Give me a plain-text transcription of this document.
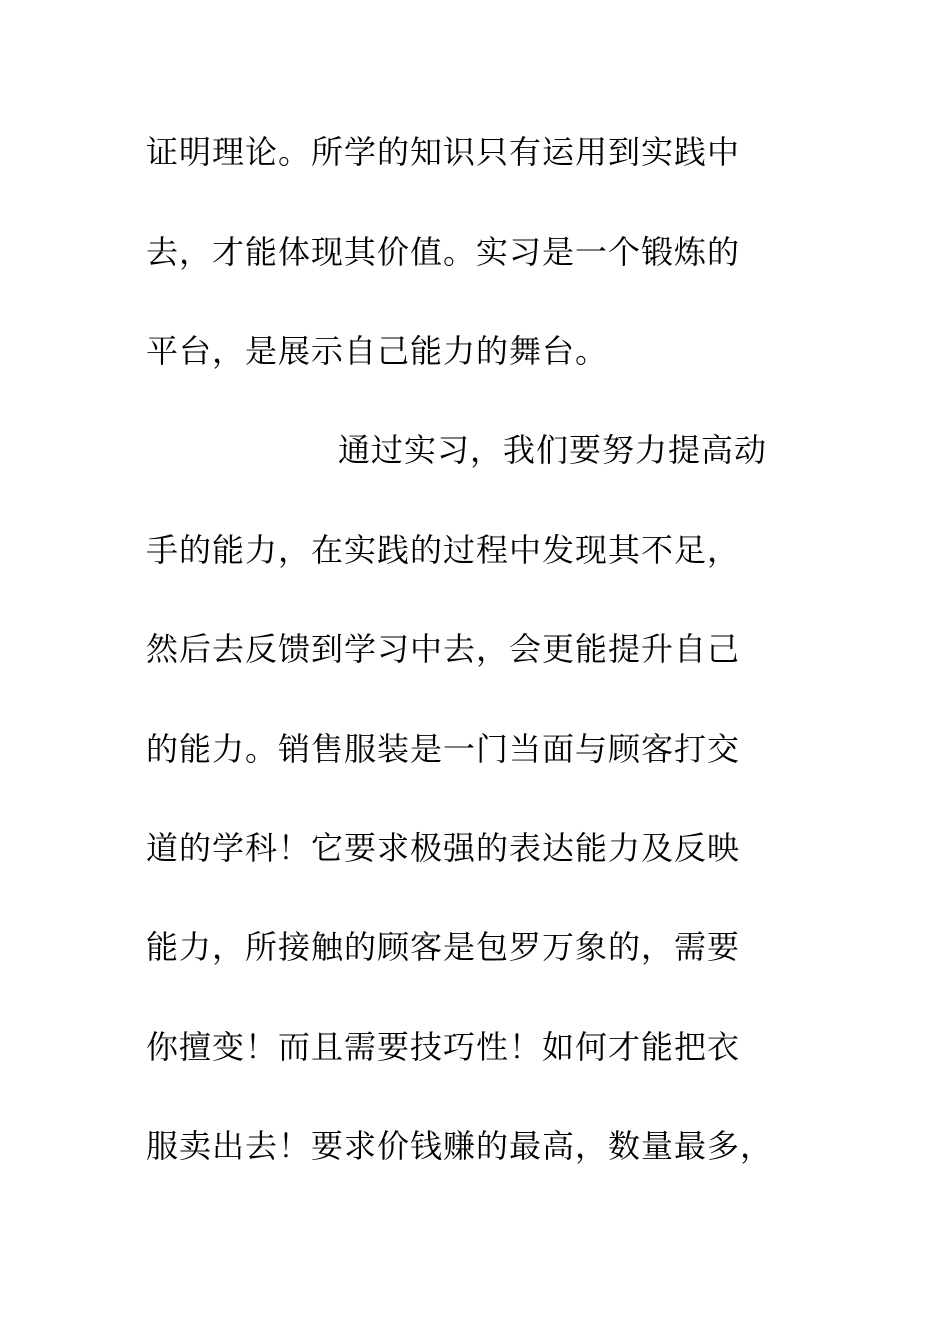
证明理论。所学的知识只有运用到实践中
去，才能体现其价值。实习是一个锻炼的
平台，是展示自己能力的舞台。
通过实习，我们要努力提高动
手的能力，在实践的过程中发现其不足，
然后去反馈到学习中去，会更能提升自己
的能力。销售服装是一门当面与顾客打交
道的学科！它要求极强的表达能力及反映
能力，所接触的顾客是包罗万象的，需要
你擅变！而且需要技巧性！如何才能把衣
服卖出去！要求价钱赚的最高，数量最多，
